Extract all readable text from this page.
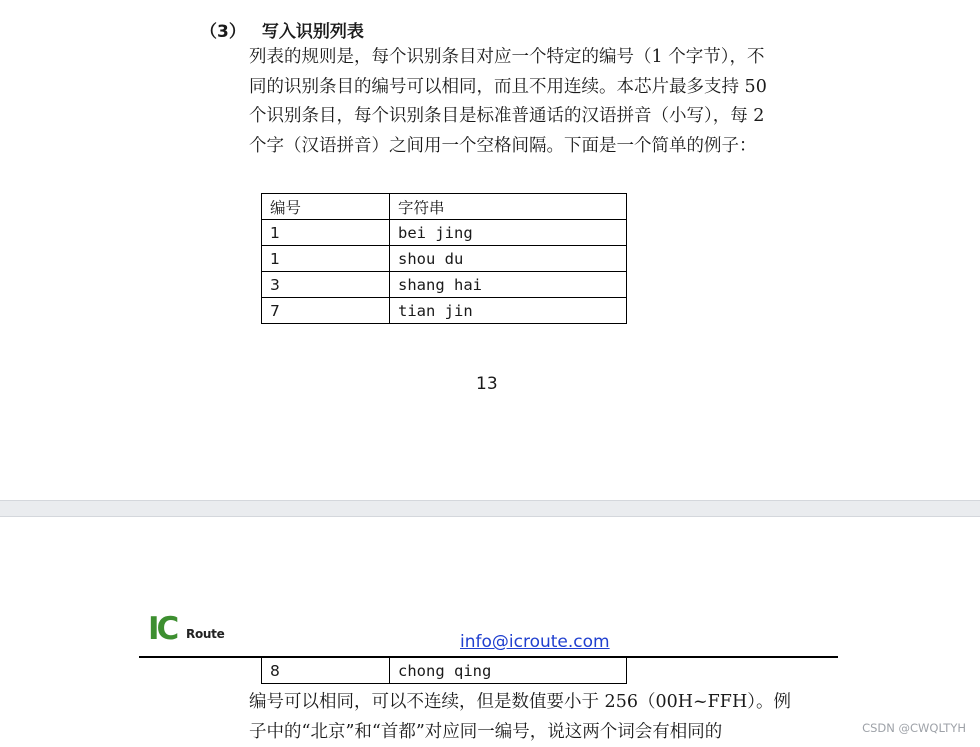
（3） 写入识别列表

列表的规则是，每个识别条目对应一个特定的编号（1 个字节），不
同的识别条目的编号可以相同，而且不用连续。本芯片最多支持 50
个识别条目，每个识别条目是标准普通话的汉语拼音（小写），每 2
个字（汉语拼音）之间用一个空格间隔。下面是一个简单的例子：

编号	字符串
1	bei jing
1	shou du
3	shang hai
7	tian jin
13
IC Route	info@icroute.com
8	chong qing

编号可以相同，可以不连续，但是数值要小于 256（00H~FFH）。例
子中的“北京”和“首都”对应同一编号，说这两个词会有相同的	CSDN @CWQLTYH
